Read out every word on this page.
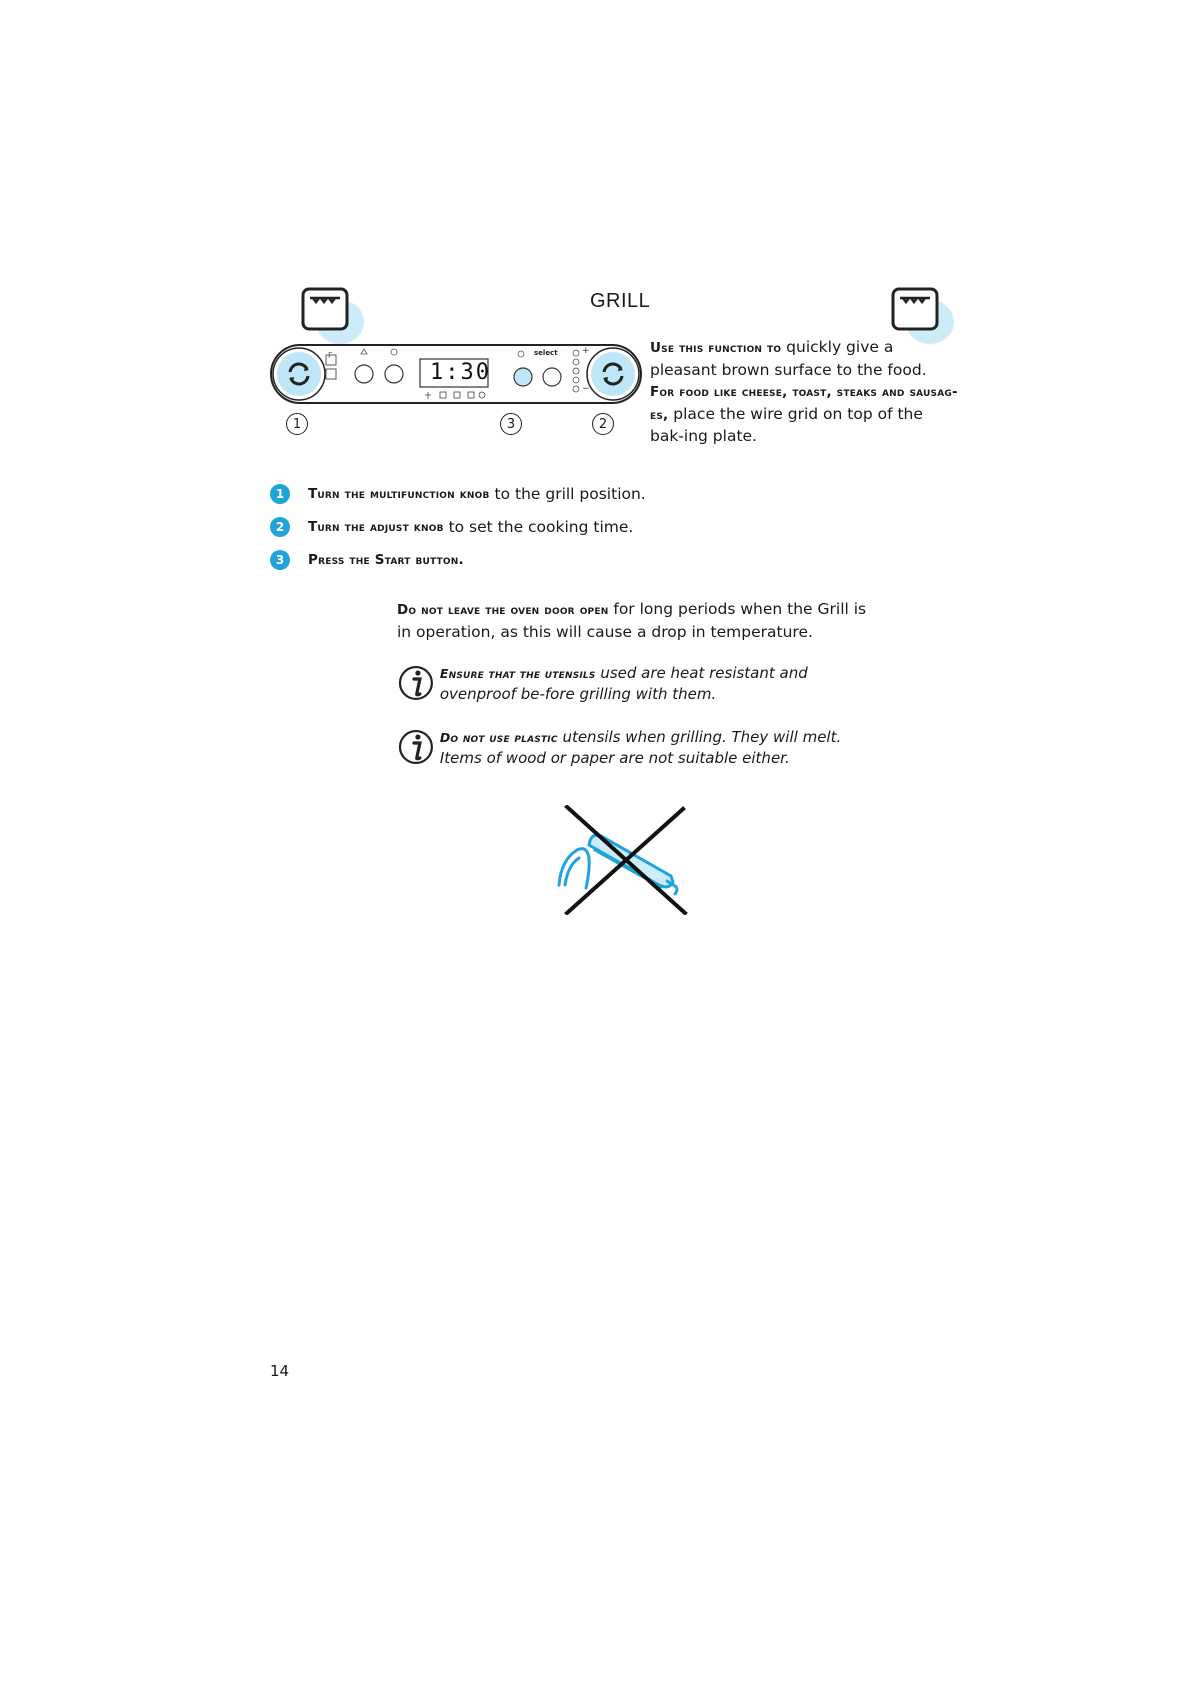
GRILL
F
1:30
select	+
−
1	3	2
Use this function to quickly give a pleasant brown surface to the food.
For food like cheese, toast, steaks and sausag-es, place the wire grid on top of the bak-ing plate.
1	Turn the multifunction knob to the grill position.
2	Turn the adjust knob to set the cooking time.
3	Press the Start button.
Do not leave the oven door open for long periods when the Grill is in operation, as this will cause a drop in temperature.
Ensure that the utensils used are heat resistant and ovenproof be-fore grilling with them.
Do not use plastic utensils when grilling. They will melt. Items of wood or paper are not suitable either.
14
